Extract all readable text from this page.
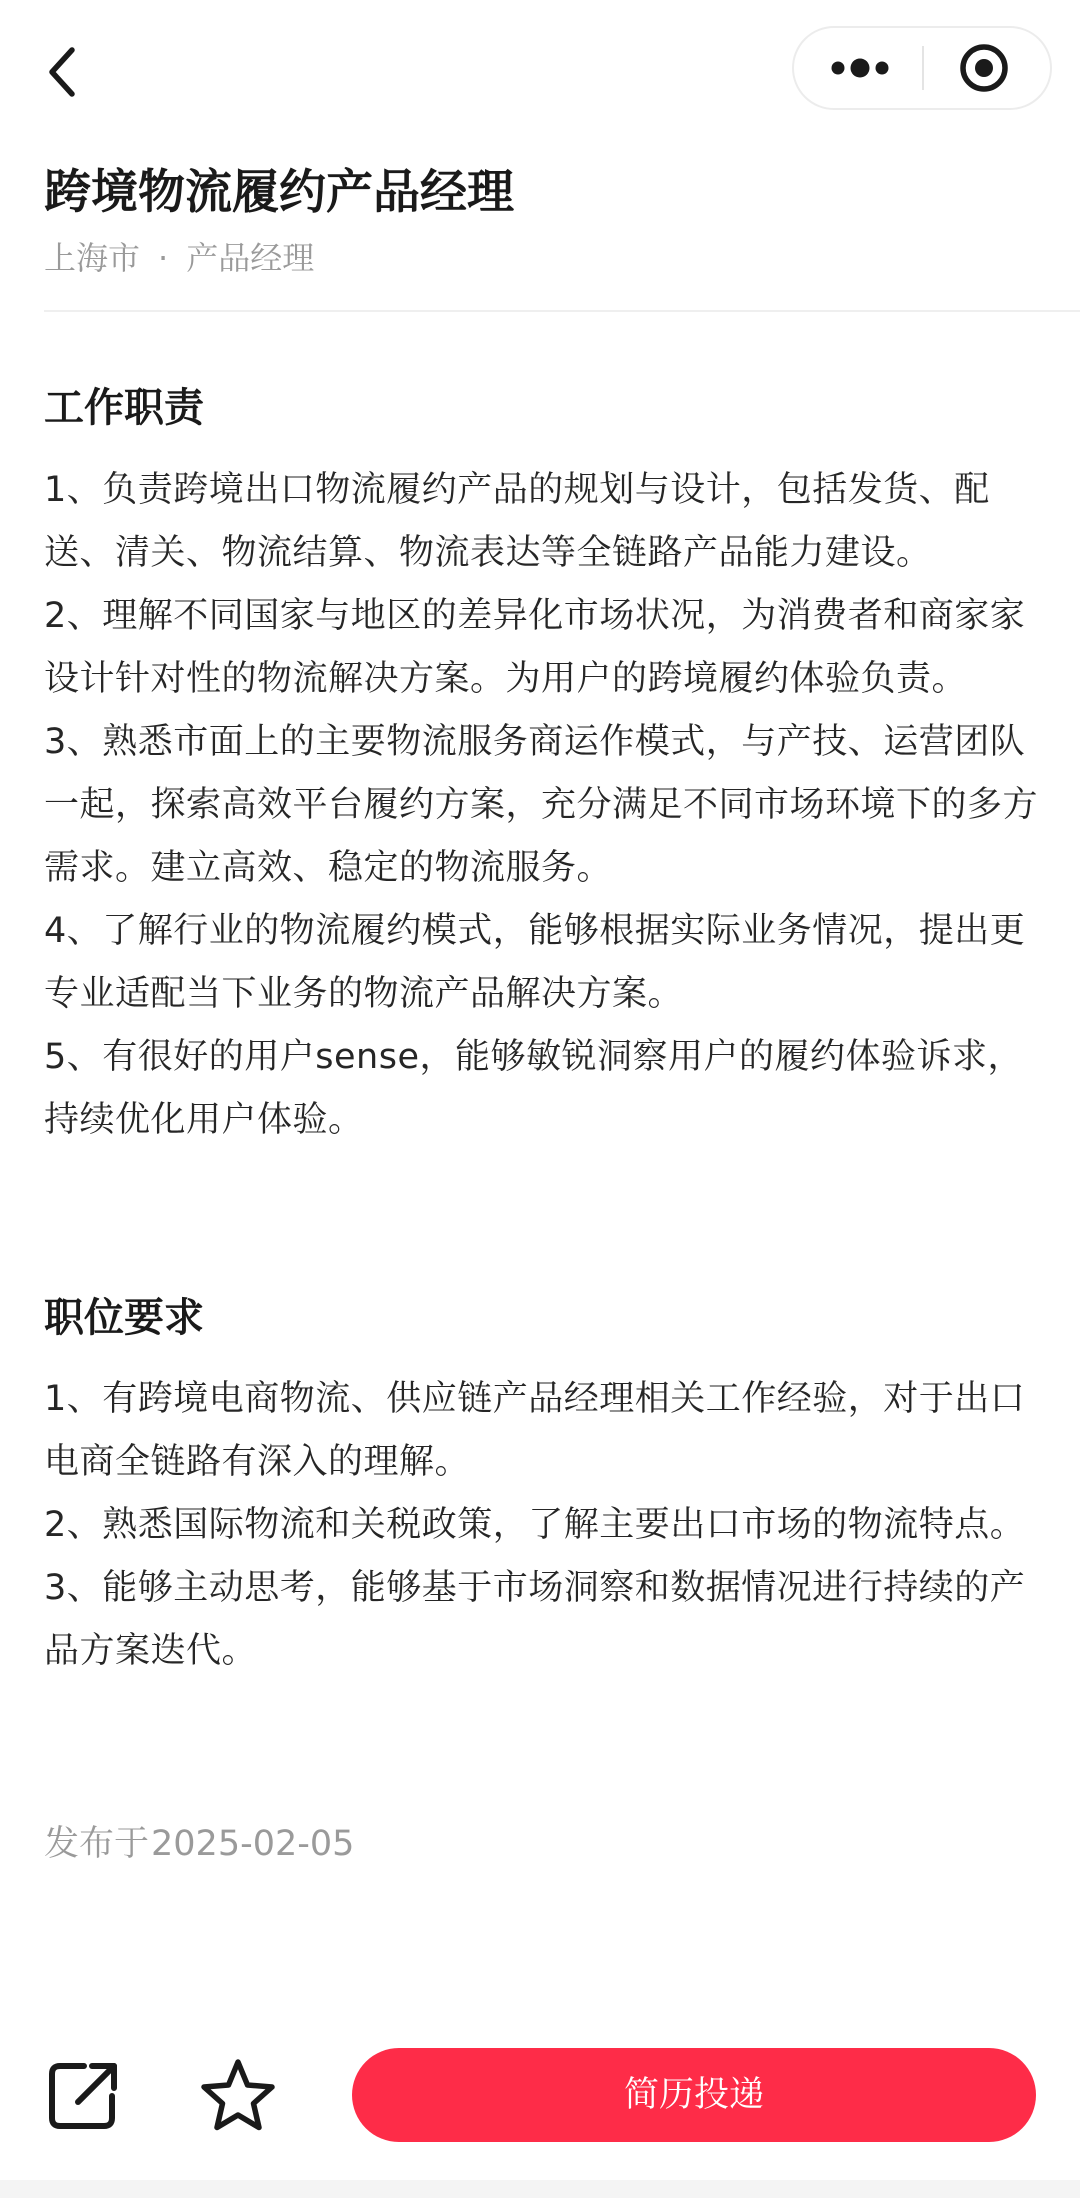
跨境物流履约产品经理
上海市 · 产品经理
工作职责

1、负责跨境出口物流履约产品的规划与设计，包括发货、配送、清关、物流结算、物流表达等全链路产品能力建设。

2、理解不同国家与地区的差异化市场状况，为消费者和商家家设计针对性的物流解决方案。为用户的跨境履约体验负责。

3、熟悉市面上的主要物流服务商运作模式，与产技、运营团队一起，探索高效平台履约方案，充分满足不同市场环境下的多方需求。建立高效、稳定的物流服务。

4、了解行业的物流履约模式，能够根据实际业务情况，提出更专业适配当下业务的物流产品解决方案。

5、有很好的用户sense，能够敏锐洞察用户的履约体验诉求，持续优化用户体验。

职位要求

1、有跨境电商物流、供应链产品经理相关工作经验，对于出口电商全链路有深入的理解。

2、熟悉国际物流和关税政策，了解主要出口市场的物流特点。

3、能够主动思考，能够基于市场洞察和数据情况进行持续的产品方案迭代。

发布于2025-02-05
简历投递
